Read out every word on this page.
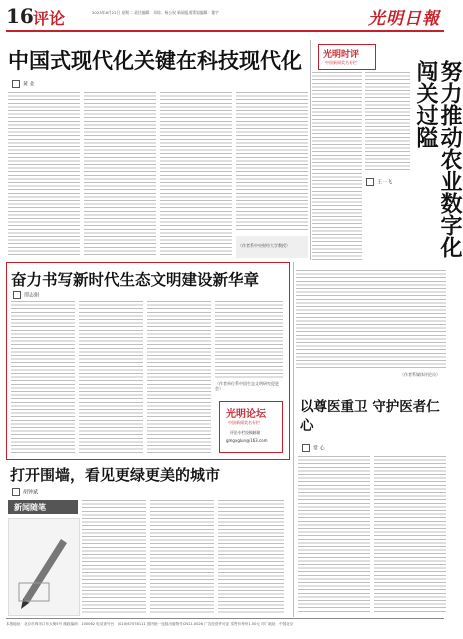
16 评论	2023年8月22日 星期二 责任编辑：邓琼、杨公权 新闻报道策划编辑：董宇	光明日報
中国式现代化关键在科技现代化
黄 业
（作者系中央财经大学教授）
光明时评
中国新闻奖名专栏	努力推动农业数字化闯关过隘
王一飞
（作者系媒体评论员）
奋力书写新时代生态文明建设新华章
谭志娟
（作者单位系中国生态文明研究促进会）
光明论坛
中国新闻奖名专栏
评论专栏投稿邮箱
gmgxglun@163.com
以尊医重卫 守护医者仁心
常 心
打开围墙，看见更绿更美的城市
胡钟斌
新闻随笔
本报地址：北京市珠市口东大街5号 邮政编码：100062 电话查号台：(010)67078111 国内统一连续出版物号CN11-0026 广告经营许可证 零售价每份1.50元 印厂地址：中国北京
